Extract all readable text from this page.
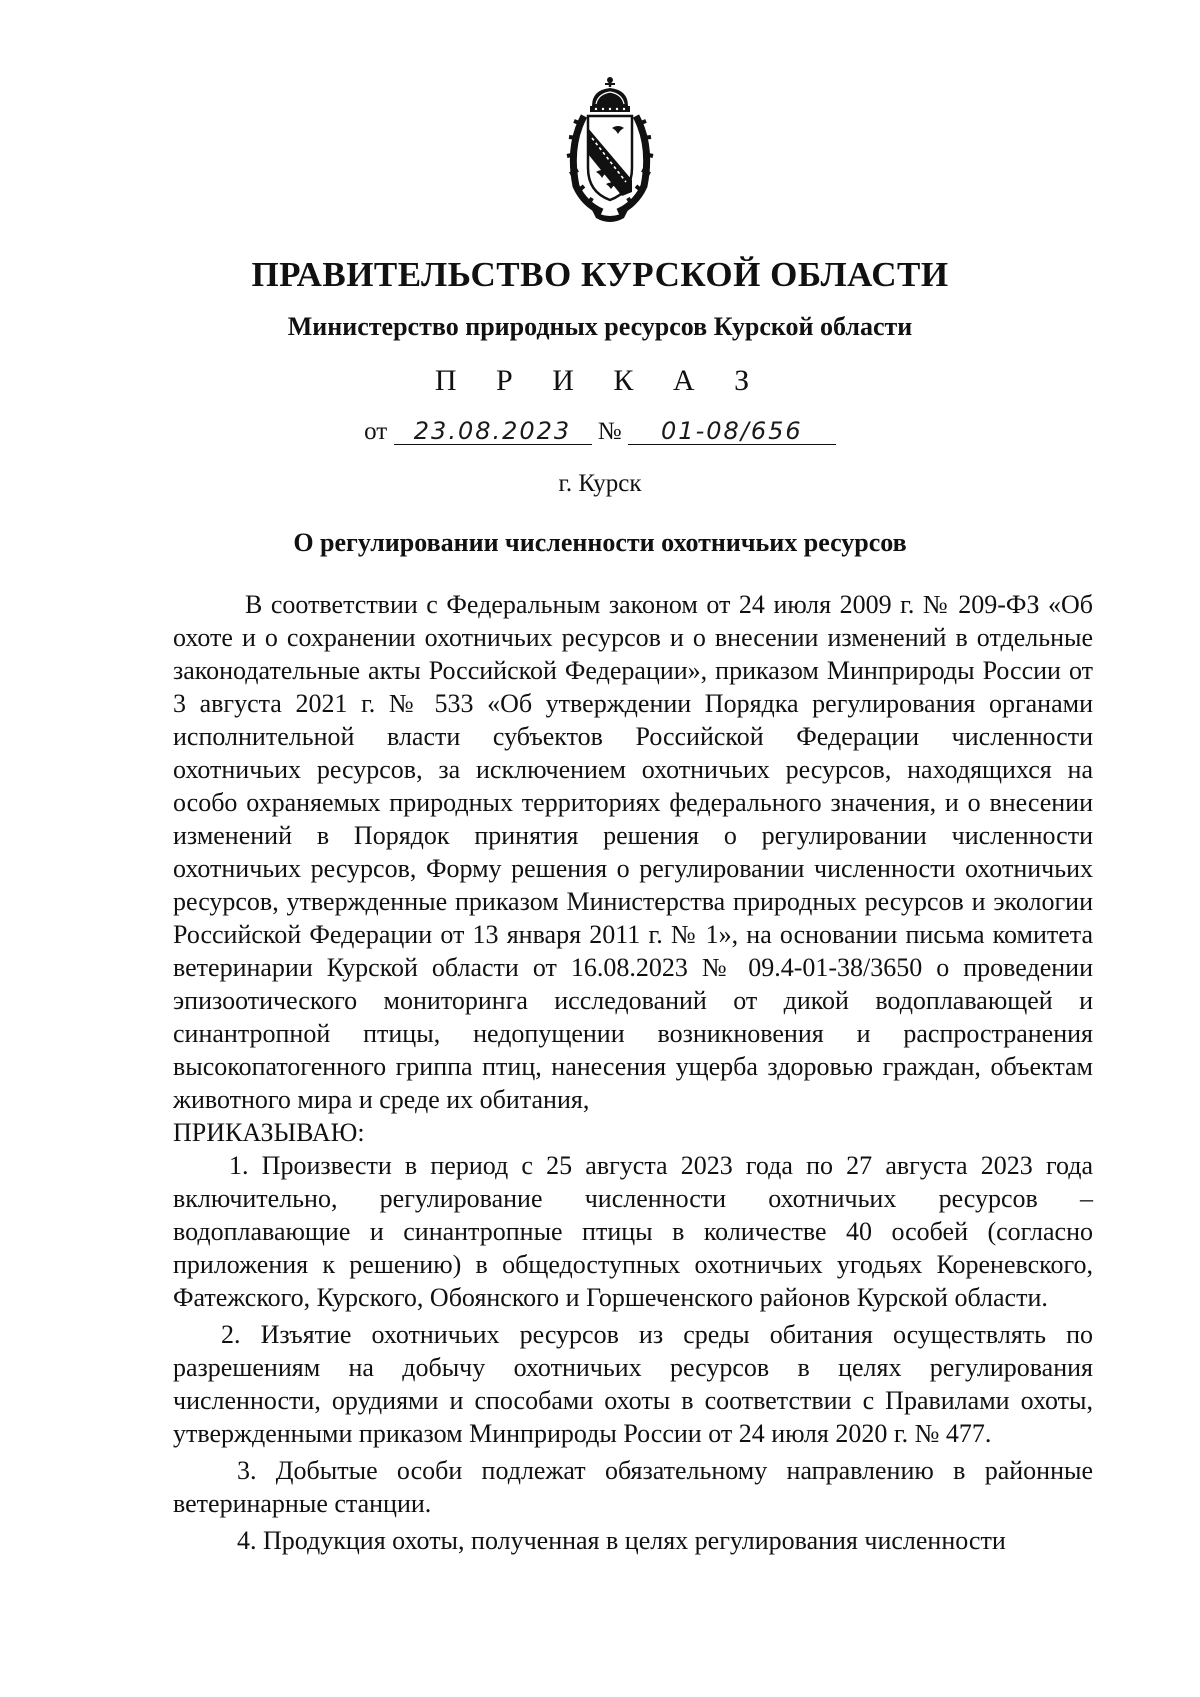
ПРАВИТЕЛЬСТВО КУРСКОЙ ОБЛАСТИ
Министерство природных ресурсов Курской области
П Р И К А З
от 23.08.2023 № 01-08/656
г. Курск
О регулировании численности охотничьих ресурсов

В соответствии с Федеральным законом от 24 июля 2009 г. № 209-ФЗ «Об охоте и о сохранении охотничьих ресурсов и о внесении изменений в отдельные законодательные акты Российской Федерации», приказом Минприроды России от 3 августа 2021 г. № 533 «Об утверждении Порядка регулирования органами исполнительной власти субъектов Российской Федерации численности охотничьих ресурсов, за исключением охотничьих ресурсов, находящихся на особо охраняемых природных территориях федерального значения, и о внесении изменений в Порядок принятия решения о регулировании численности охотничьих ресурсов, Форму решения о регулировании численности охотничьих ресурсов, утвержденные приказом Министерства природных ресурсов и экологии Российской Федерации от 13 января 2011 г. № 1», на основании письма комитета ветеринарии Курской области от 16.08.2023 № 09.4-01-38/3650 о проведении эпизоотического мониторинга исследований от дикой водоплавающей и синантропной птицы, недопущении возникновения и распространения высокопатогенного гриппа птиц, нанесения ущерба здоровью граждан, объектам животного мира и среде их обитания,

ПРИКАЗЫВАЮ:

1. Произвести в период с 25 августа 2023 года по 27 августа 2023 года включительно, регулирование численности охотничьих ресурсов – водоплавающие и синантропные птицы в количестве 40 особей (согласно приложения к решению) в общедоступных охотничьих угодьях Кореневского, Фатежского, Курского, Обоянского и Горшеченского районов Курской области.

2. Изъятие охотничьих ресурсов из среды обитания осуществлять по разрешениям на добычу охотничьих ресурсов в целях регулирования численности, орудиями и способами охоты в соответствии с Правилами охоты, утвержденными приказом Минприроды России от 24 июля 2020 г. № 477.

3. Добытые особи подлежат обязательному направлению в районные ветеринарные станции.

4. Продукция охоты, полученная в целях регулирования численности
